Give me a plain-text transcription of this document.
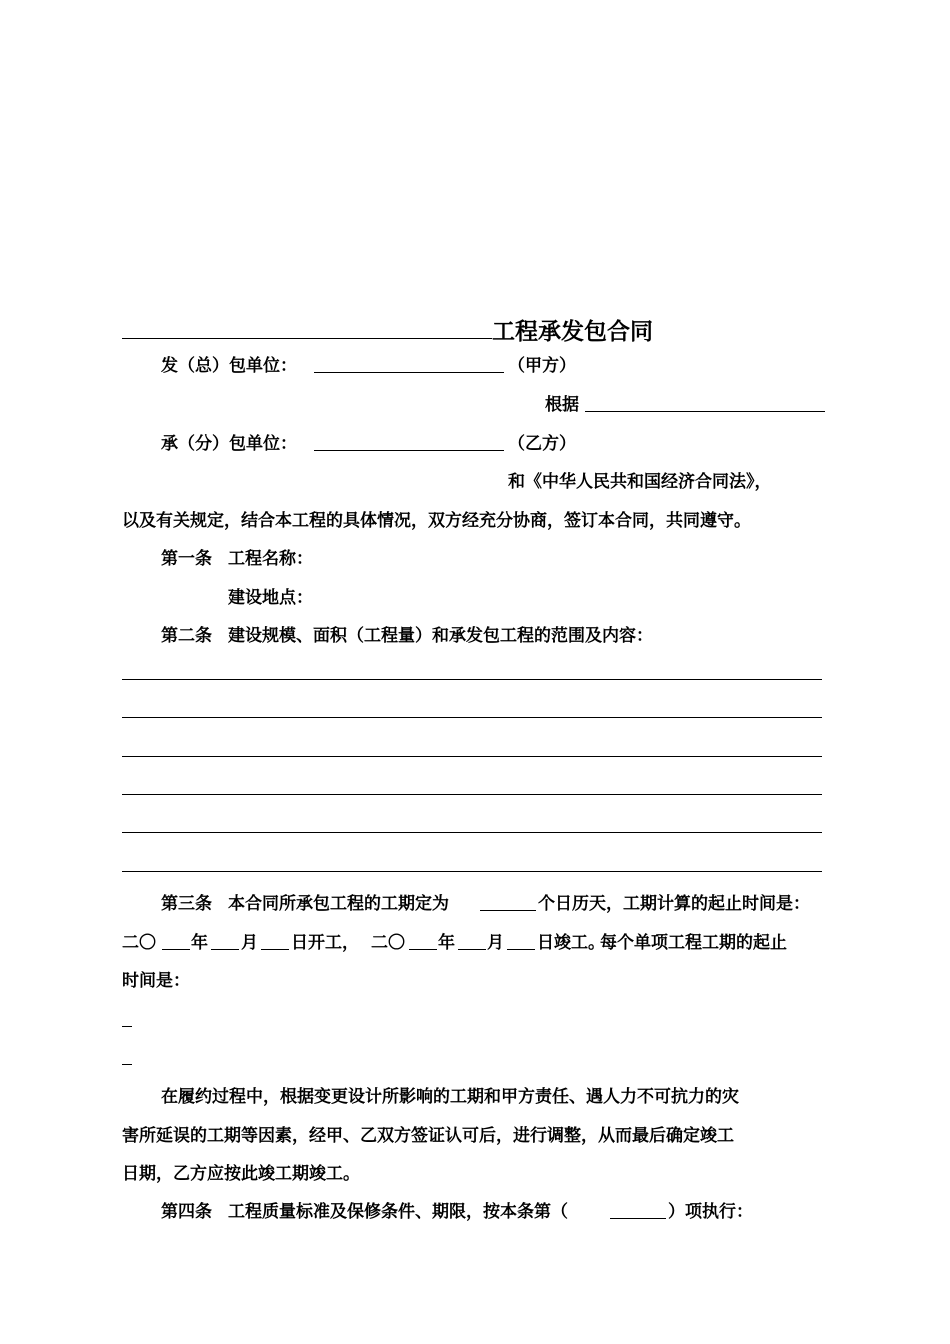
工程承发包合同
发（总）包单位：	（甲方）
根据
承（分）包单位：	（乙方）
和《中华人民共和国经济合同法》，
以及有关规定，结合本工程的具体情况，双方经充分协商，签订本合同，共同遵守。
第一条 工程名称：
建设地点：
第二条 建设规模、面积（工程量）和承发包工程的范围及内容：
第三条 本合同所承包工程的工期定为	个日历天，工期计算的起止时间是：
二〇 年 月 日开工， 二〇 年 月 日竣工。
每个单项工程工期的起止
时间是：
在履约过程中，根据变更设计所影响的工期和甲方责任、遇人力不可抗力的灾
害所延误的工期等因素，经甲、乙双方签证认可后，进行调整，从而最后确定竣工
日期，乙方应按此竣工期竣工。
第四条 工程质量标准及保修条件、期限，按本条第（	）项执行：
